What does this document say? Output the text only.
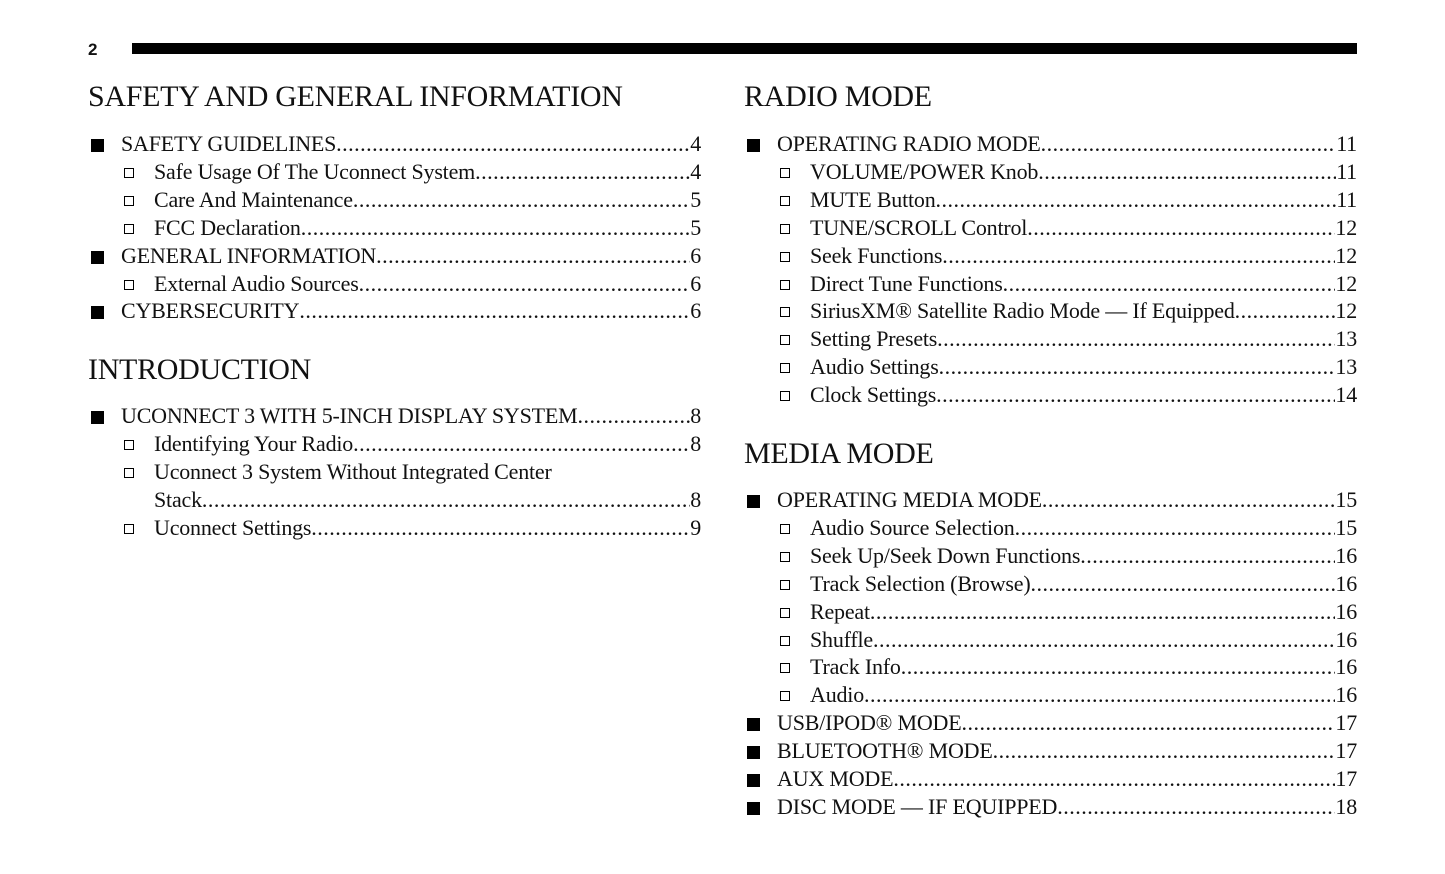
2
SAFETY AND GENERAL INFORMATION
SAFETY GUIDELINES .....	4
Safe Usage Of The Uconnect System .....	4
Care And Maintenance .....	5
FCC Declaration .....	5
GENERAL INFORMATION .....	6
External Audio Sources .....	6
CYBERSECURITY .....	6
INTRODUCTION
UCONNECT 3 WITH 5-INCH DISPLAY SYSTEM .....	8
Identifying Your Radio .....	8
Uconnect 3 System Without Integrated Center
Stack .....	8
Uconnect Settings .....	9
RADIO MODE
OPERATING RADIO MODE .....	11
VOLUME/POWER Knob .....	11
MUTE Button .....	11
TUNE/SCROLL Control .....	12
Seek Functions .....	12
Direct Tune Functions .....	12
SiriusXM® Satellite Radio Mode — If Equipped .....	12
Setting Presets .....	13
Audio Settings .....	13
Clock Settings .....	14
MEDIA MODE
OPERATING MEDIA MODE .....	15
Audio Source Selection .....	15
Seek Up/Seek Down Functions .....	16
Track Selection (Browse) .....	16
Repeat .....	16
Shuffle .....	16
Track Info .....	16
Audio .....	16
USB/IPOD® MODE .....	17
BLUETOOTH® MODE .....	17
AUX MODE .....	17
DISC MODE — IF EQUIPPED .....	18
